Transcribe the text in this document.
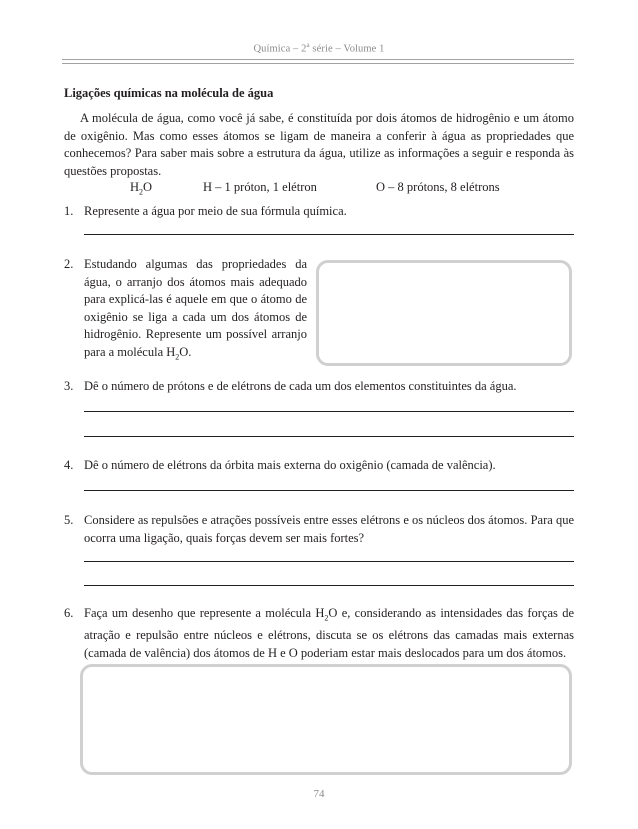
Química – 2$^a$ série – Volume 1
Ligações químicas na molécula de água

A molécula de água, como você já sabe, é constituída por dois átomos de hidrogênio e um átomo de oxigênio. Mas como esses átomos se ligam de maneira a conferir à água as propriedades que conhecemos? Para saber mais sobre a estrutura da água, utilize as informações a seguir e responda às questões propostas.

$H_2O$	H – 1 próton, 1 elétron	O – 8 prótons, 8 elétrons
1. Represente a água por meio de sua fórmula química.
2. Estudando algumas das propriedades da água, o arranjo dos átomos mais adequado para explicá-las é aquele em que o átomo de oxigênio se liga a cada um dos átomos de hidrogênio. Represente um possível arranjo para a molécula $H_2O$.
3. Dê o número de prótons e de elétrons de cada um dos elementos constituintes da água.
4. Dê o número de elétrons da órbita mais externa do oxigênio (camada de valência).
5. Considere as repulsões e atrações possíveis entre esses elétrons e os núcleos dos átomos. Para que ocorra uma ligação, quais forças devem ser mais fortes?
6. Faça um desenho que represente a molécula $H_2O$ e, considerando as intensidades das forças de atração e repulsão entre núcleos e elétrons, discuta se os elétrons das camadas mais externas (camada de valência) dos átomos de H e O poderiam estar mais deslocados para um dos átomos.
74
